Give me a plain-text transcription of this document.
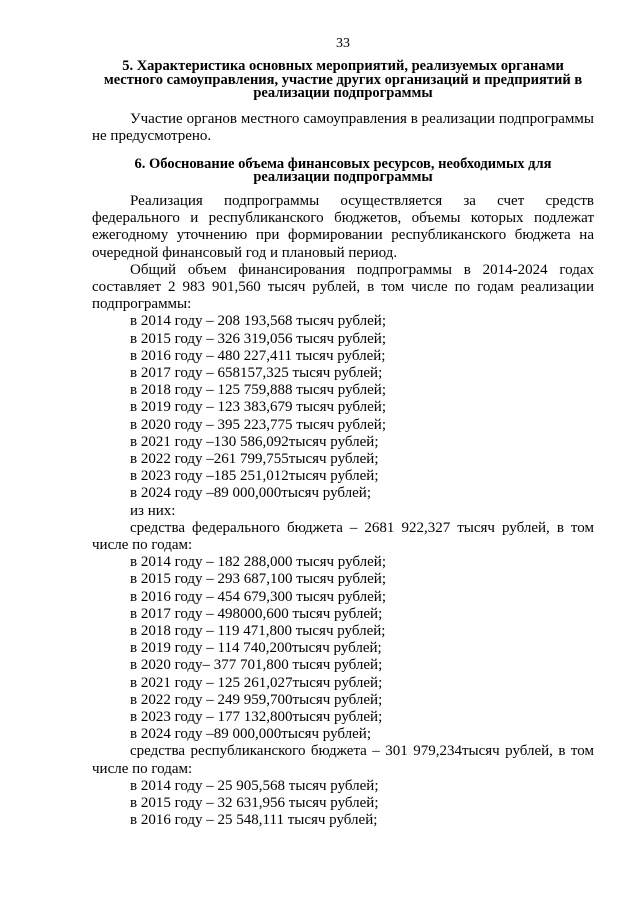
33
5. Характеристика основных мероприятий, реализуемых органами
местного самоуправления, участие других организаций и предприятий в
реализации подпрограммы
Участие органов местного самоуправления в реализации подпрограммы не предусмотрено.
6. Обоснование объема финансовых ресурсов, необходимых для
реализации подпрограммы
Реализация подпрограммы осуществляется за счет средств федерального и республиканского бюджетов, объемы которых подлежат ежегодному уточнению при формировании республиканского бюджета на очередной финансовый год и плановый период.
Общий объем финансирования подпрограммы в 2014-2024 годах составляет 2 983 901,560 тысяч рублей, в том числе по годам реализации подпрограммы:
в 2014 году – 208 193,568 тысяч рублей;
в 2015 году – 326 319,056 тысяч рублей;
в 2016 году – 480 227,411 тысяч рублей;
в 2017 году – 658157,325 тысяч рублей;
в 2018 году – 125 759,888 тысяч рублей;
в 2019 году – 123 383,679 тысяч рублей;
в 2020 году – 395 223,775 тысяч рублей;
в 2021 году –130 586,092тысяч рублей;
в 2022 году –261 799,755тысяч рублей;
в 2023 году –185 251,012тысяч рублей;
в 2024 году –89 000,000тысяч рублей;
из них:
средства федерального бюджета – 2681 922,327 тысяч рублей, в том числе по годам:
в 2014 году – 182 288,000 тысяч рублей;
в 2015 году – 293 687,100 тысяч рублей;
в 2016 году – 454 679,300 тысяч рублей;
в 2017 году – 498000,600 тысяч рублей;
в 2018 году – 119 471,800 тысяч рублей;
в 2019 году – 114 740,200тысяч рублей;
в 2020 году– 377 701,800 тысяч рублей;
в 2021 году – 125 261,027тысяч рублей;
в 2022 году – 249 959,700тысяч рублей;
в 2023 году – 177 132,800тысяч рублей;
в 2024 году –89 000,000тысяч рублей;
средства республиканского бюджета – 301 979,234тысяч рублей, в том числе по годам:
в 2014 году – 25 905,568 тысяч рублей;
в 2015 году – 32 631,956 тысяч рублей;
в 2016 году – 25 548,111 тысяч рублей;
